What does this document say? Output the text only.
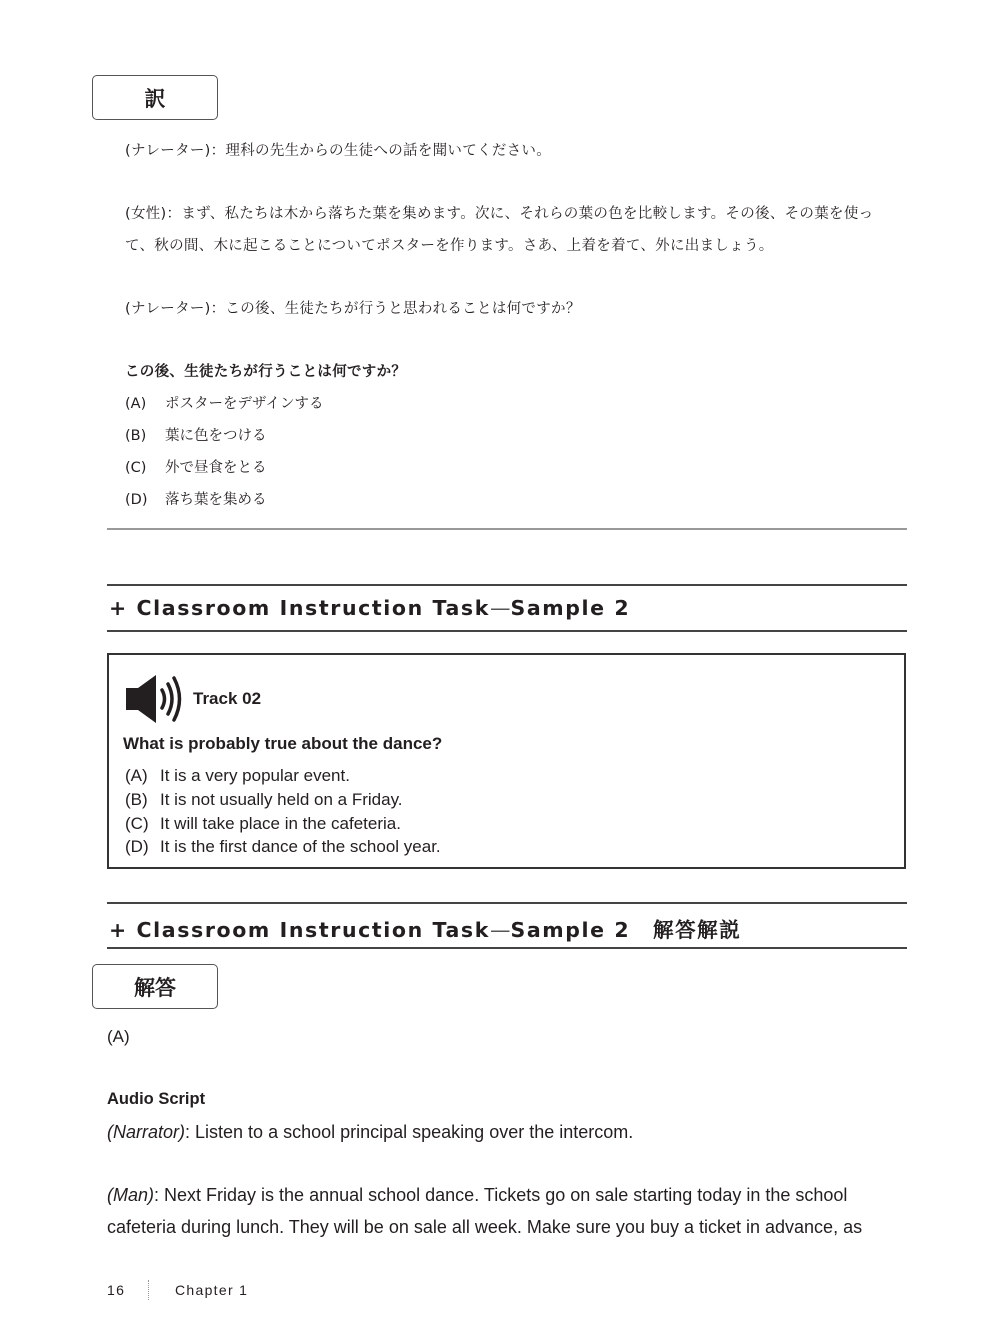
訳
(ナレーター)：理科の先生からの生徒への話を聞いてください。
(女性)：まず、私たちは木から落ちた葉を集めます。次に、それらの葉の色を比較します。その後、その葉を使っ
て、秋の間、木に起こることについてポスターを作ります。さあ、上着を着て、外に出ましょう。
(ナレーター)：この後、生徒たちが行うと思われることは何ですか？
この後、生徒たちが行うことは何ですか？
(A) ポスターをデザインする
(B) 葉に色をつける
(C) 外で昼食をとる
(D) 落ち葉を集める
+ Classroom Instruction Task—Sample 2
Track 02
What is probably true about the dance?
(A) It is a very popular event.
(B) It is not usually held on a Friday.
(C) It will take place in the cafeteria.
(D) It is the first dance of the school year.
+ Classroom Instruction Task—Sample 2 解答解説
解答
(A)
Audio Script
(Narrator): Listen to a school principal speaking over the intercom.
(Man): Next Friday is the annual school dance. Tickets go on sale starting today in the school
cafeteria during lunch. They will be on sale all week. Make sure you buy a ticket in advance, as
16	Chapter 1
